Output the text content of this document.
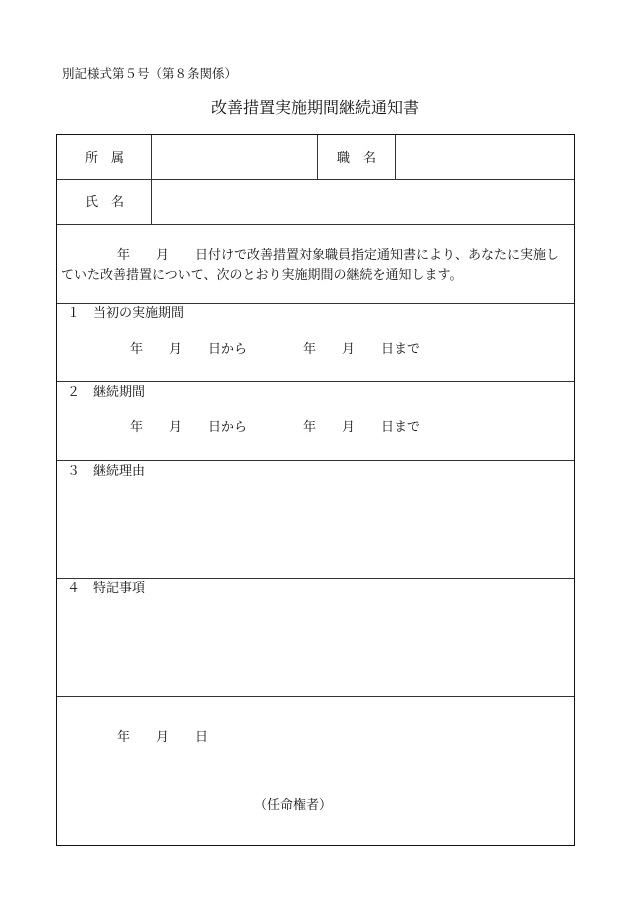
別記様式第５号（第８条関係）
改善措置実施期間継続通知書
所　属	職　名
氏　名
年　　月　　日付けで改善措置対象職員指定通知書により、あなたに実施し
ていた改善措置について、次のとおり実施期間の継続を通知します。
１　当初の実施期間
年　　月　　日から	年　　月　　日まで
２　継続期間
年　　月　　日から	年　　月　　日まで
３　継続理由
４　特記事項
年　　月　　日
（任命権者）
